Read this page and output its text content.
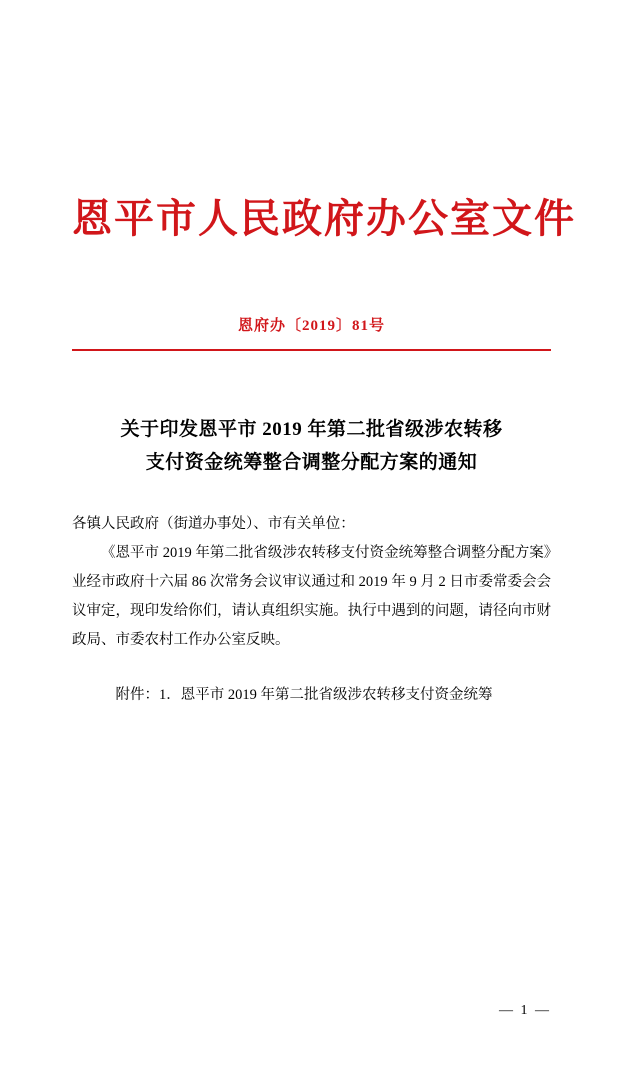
恩平市人民政府办公室文件
恩府办〔2019〕81号
关于印发恩平市 2019 年第二批省级涉农转移
支付资金统筹整合调整分配方案的通知

各镇人民政府（街道办事处）、市有关单位：

《恩平市 2019 年第二批省级涉农转移支付资金统筹整合调整分配方案》业经市政府十六届 86 次常务会议审议通过和 2019 年 9 月 2 日市委常委会会议审定，现印发给你们，请认真组织实施。执行中遇到的问题，请径向市财政局、市委农村工作办公室反映。

附件：1．恩平市 2019 年第二批省级涉农转移支付资金统筹

— 1 —
